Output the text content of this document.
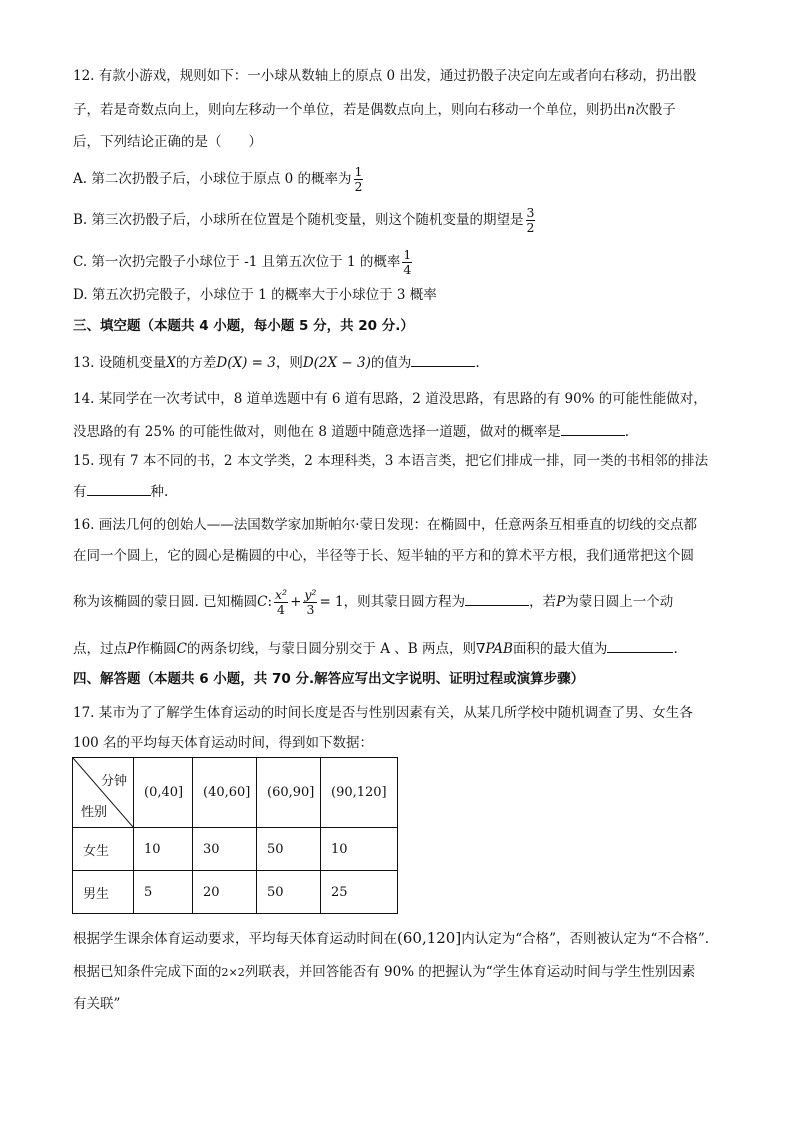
12. 有款小游戏，规则如下：一小球从数轴上的原点 0 出发，通过扔骰子决定向左或者向右移动，扔出骰
子，若是奇数点向上，则向左移动一个单位，若是偶数点向上，则向右移动一个单位，则扔出n次骰子
后，下列结论正确的是（　　）
A. 第二次扔骰子后，小球位于原点 0 的概率为 $\frac{1}{2}$
B. 第三次扔骰子后，小球所在位置是个随机变量，则这个随机变量的期望是 $\frac{3}{2}$
C. 第一次扔完骰子小球位于 -1 且第五次位于 1 的概率 $\frac{1}{4}$
D. 第五次扔完骰子，小球位于 1 的概率大于小球位于 3 概率
三、填空题（本题共 4 小题，每小题 5 分，共 20 分.）
13. 设随机变量X的方差D(X) = 3，则D(2X − 3)的值为	.
14. 某同学在一次考试中，8 道单选题中有 6 道有思路，2 道没思路，有思路的有 90% 的可能性能做对，
没思路的有 25% 的可能性做对，则他在 8 道题中随意选择一道题，做对的概率是	.
15. 现有 7 本不同的书，2 本文学类，2 本理科类，3 本语言类，把它们排成一排，同一类的书相邻的排法
有	种.
16. 画法几何的创始人——法国数学家加斯帕尔·蒙日发现：在椭圆中，任意两条互相垂直的切线的交点都
在同一个圆上，它的圆心是椭圆的中心，半径等于长、短半轴的平方和的算术平方根，我们通常把这个圆
称为该椭圆的蒙日圆. 已知椭圆C: $\frac{\text{x²}}{4} + \frac{\text{y²}}{3} = 1$，则其蒙日圆方程为	，若P为蒙日圆上一个动
点，过点P作椭圆C的两条切线，与蒙日圆分别交于 A 、B 两点，则∇PAB面积的最大值为	.
四、解答题（本题共 6 小题，共 70 分.解答应写出文字说明、证明过程或演算步骤）
17. 某市为了了解学生体育运动的时间长度是否与性别因素有关，从某几所学校中随机调查了男、女生各
100 名的平均每天体育运动时间，得到如下数据：
分钟
性别	(0,40]	(40,60]	(60,90]	(90,120]
女生	10	30	50	10
男生	5	20	50	25
根据学生课余体育运动要求，平均每天体育运动时间在(60,120]内认定为“合格”，否则被认定为“不合格”.
根据已知条件完成下面的2×2列联表，并回答能否有 90% 的把握认为“学生体育运动时间与学生性别因素
有关联”
